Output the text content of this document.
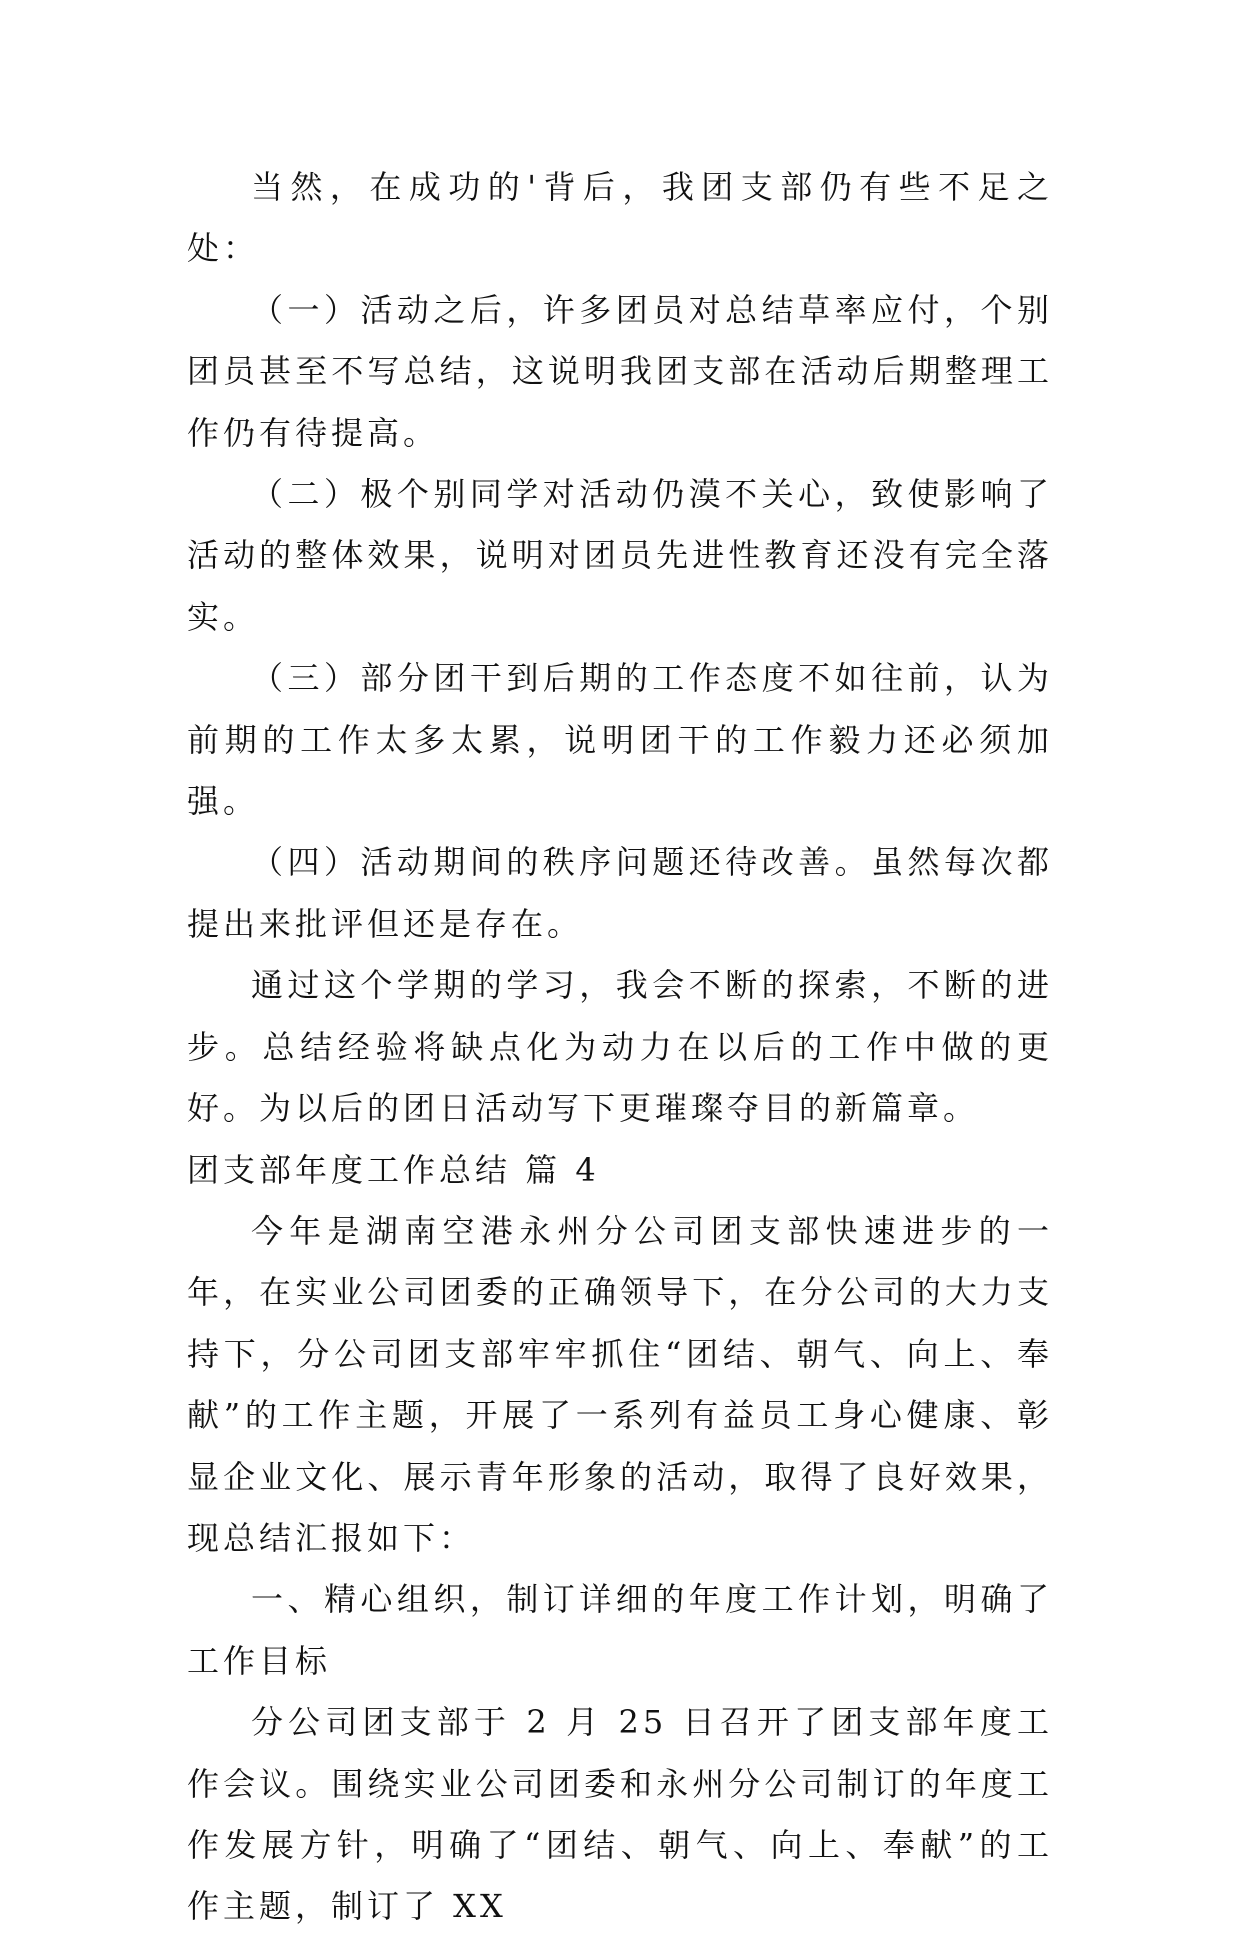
当然，在成功的'背后，我团支部仍有些不足之处：

（一）活动之后，许多团员对总结草率应付，个别团员甚至不写总结，这说明我团支部在活动后期整理工作仍有待提高。

（二）极个别同学对活动仍漠不关心，致使影响了活动的整体效果，说明对团员先进性教育还没有完全落实。

（三）部分团干到后期的工作态度不如往前，认为前期的工作太多太累，说明团干的工作毅力还必须加强。

（四）活动期间的秩序问题还待改善。虽然每次都提出来批评但还是存在。

通过这个学期的学习，我会不断的探索，不断的进步。总结经验将缺点化为动力在以后的工作中做的更好。为以后的团日活动写下更璀璨夺目的新篇章。

团支部年度工作总结 篇 4

今年是湖南空港永州分公司团支部快速进步的一年，在实业公司团委的正确领导下，在分公司的大力支持下，分公司团支部牢牢抓住“团结、朝气、向上、奉献”的工作主题，开展了一系列有益员工身心健康、彰显企业文化、展示青年形象的活动，取得了良好效果，现总结汇报如下：

一、精心组织，制订详细的年度工作计划，明确了工作目标

分公司团支部于 2 月 25 日召开了团支部年度工作会议。围绕实业公司团委和永州分公司制订的年度工作发展方针，明确了“团结、朝气、向上、奉献”的工作主题，制订了 XX
